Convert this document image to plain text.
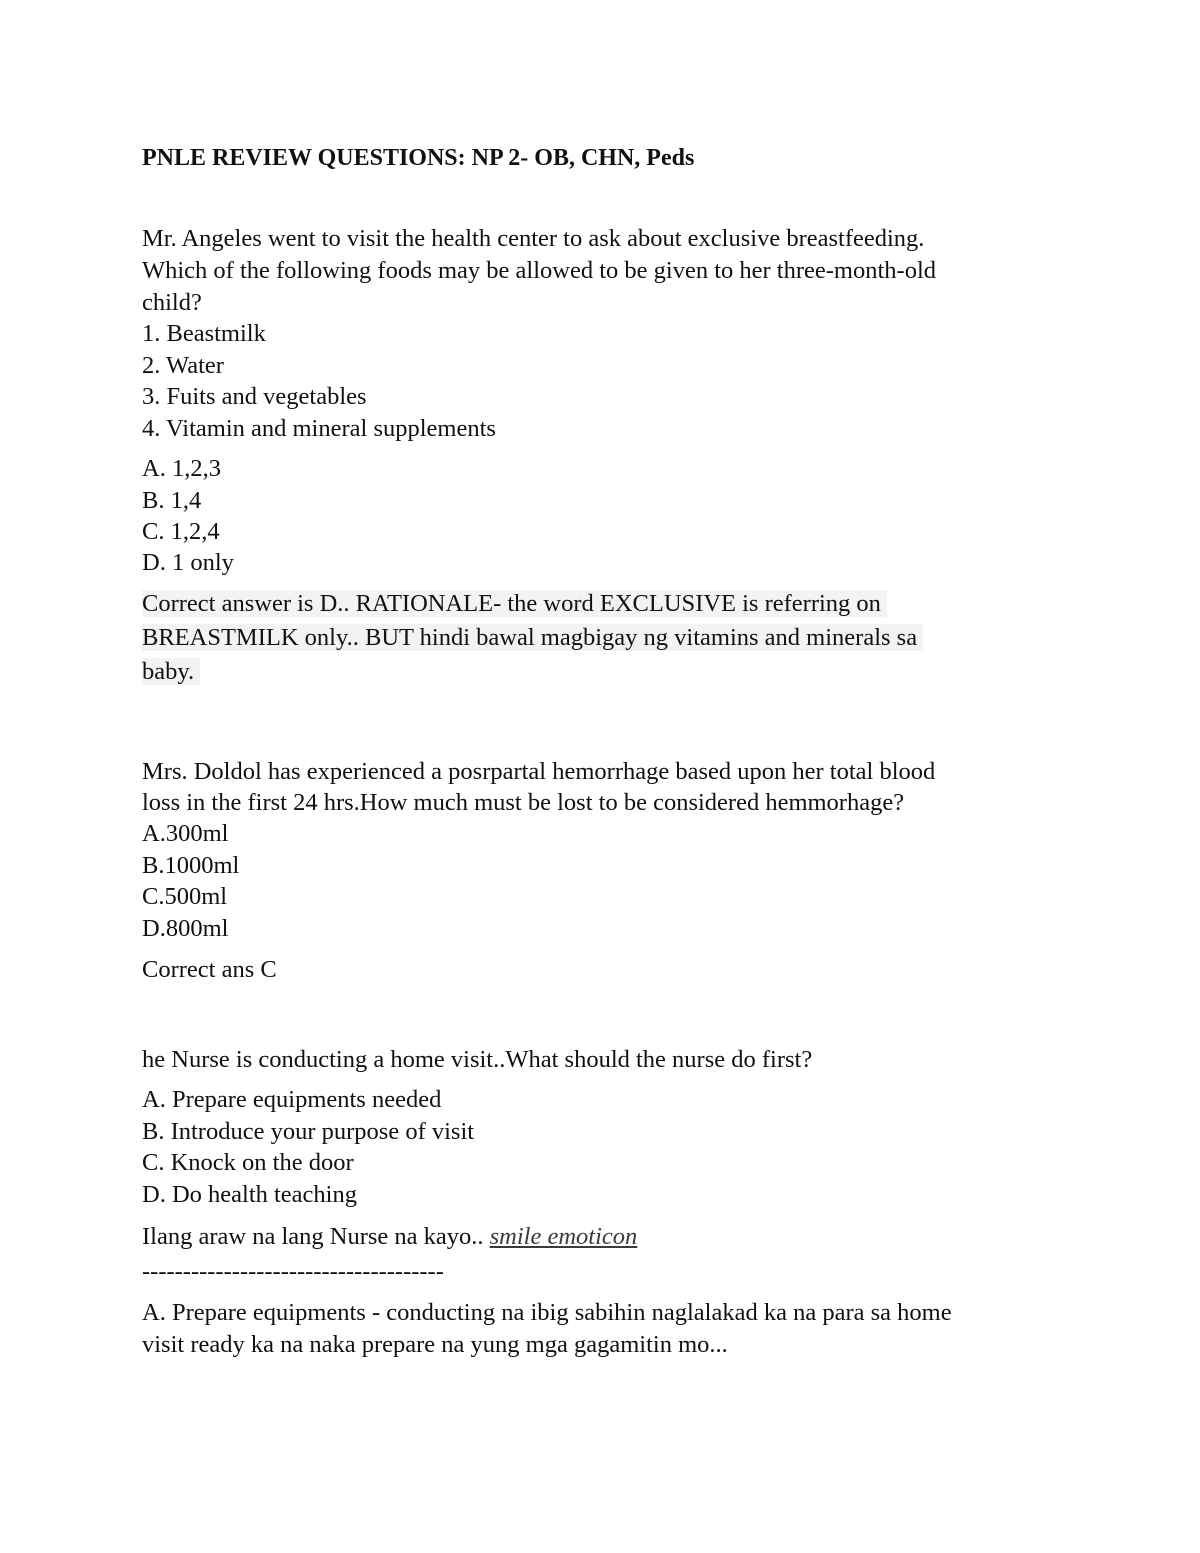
PNLE REVIEW QUESTIONS: NP 2- OB, CHN, Peds
Mr. Angeles went to visit the health center to ask about exclusive breastfeeding.
Which of the following foods may be allowed to be given to her three-month-old
child?
1. Beastmilk
2. Water
3. Fuits and vegetables
4. Vitamin and mineral supplements
A. 1,2,3
B. 1,4
C. 1,2,4
D. 1 only
Correct answer is D.. RATIONALE- the word EXCLUSIVE is referring on
BREASTMILK only.. BUT hindi bawal magbigay ng vitamins and minerals sa
baby.
Mrs. Doldol has experienced a posrpartal hemorrhage based upon her total blood
loss in the first 24 hrs.How much must be lost to be considered hemmorhage?
A.300ml
B.1000ml
C.500ml
D.800ml
Correct ans C
he Nurse is conducting a home visit..What should the nurse do first?
A. Prepare equipments needed
B. Introduce your purpose of visit
C. Knock on the door
D. Do health teaching
Ilang araw na lang Nurse na kayo.. smile emoticon
-------------------------------------
A. Prepare equipments - conducting na ibig sabihin naglalakad ka na para sa home
visit ready ka na naka prepare na yung mga gagamitin mo...
